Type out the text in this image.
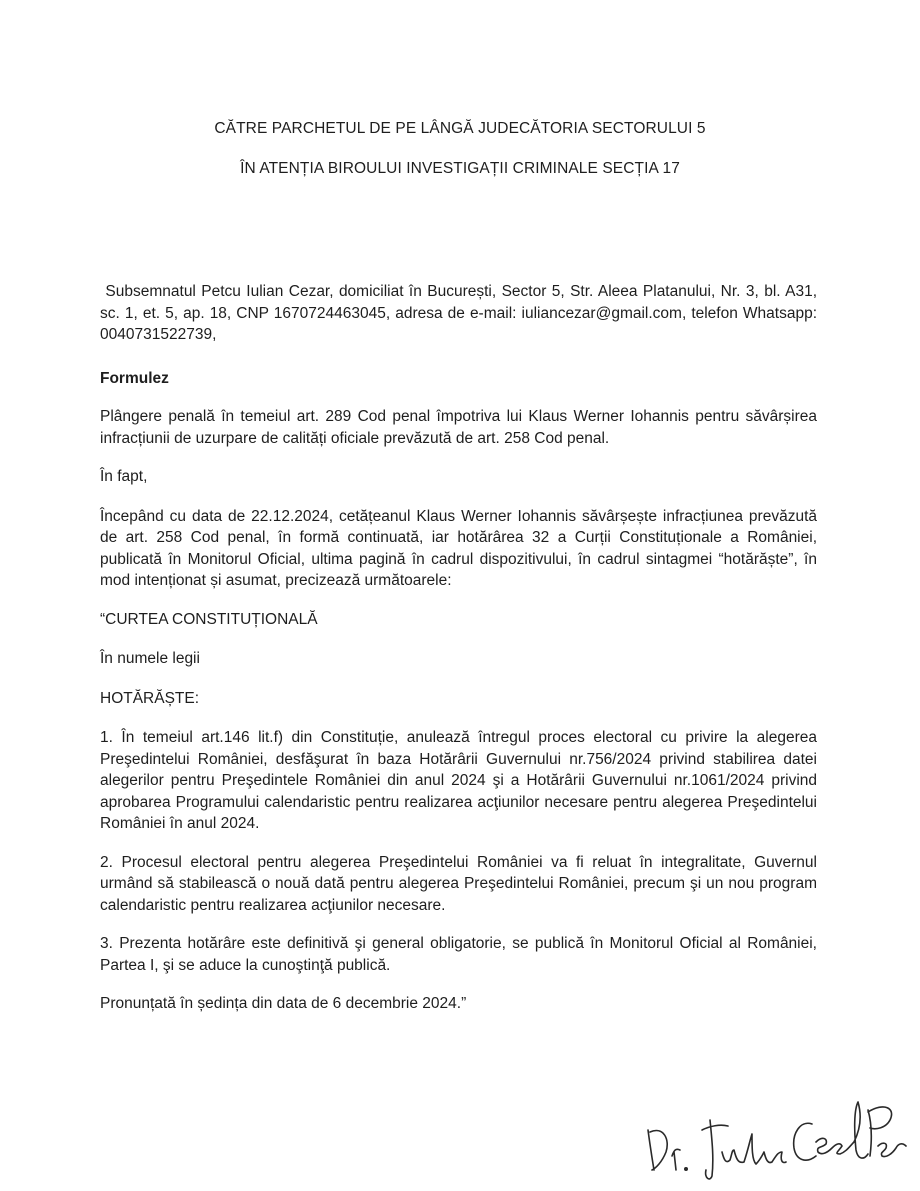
CĂTRE PARCHETUL DE PE LÂNGĂ JUDECĂTORIA SECTORULUI 5
ÎN ATENȚIA BIROULUI INVESTIGAȚII CRIMINALE SECȚIA 17

Subsemnatul Petcu Iulian Cezar, domiciliat în București, Sector 5, Str. Aleea Platanului, Nr. 3, bl. A31, sc. 1, et. 5, ap. 18, CNP 1670724463045, adresa de e-mail: iuliancezar@gmail.com, telefon Whatsapp: 0040731522739,

Formulez

Plângere penală în temeiul art. 289 Cod penal împotriva lui Klaus Werner Iohannis pentru săvârșirea infracțiunii de uzurpare de calități oficiale prevăzută de art. 258 Cod penal.

În fapt,

Începând cu data de 22.12.2024, cetățeanul Klaus Werner Iohannis săvârșește infracțiunea prevăzută de art. 258 Cod penal, în formă continuată, iar hotărârea 32 a Curții Constituționale a României, publicată în Monitorul Oficial, ultima pagină în cadrul dispozitivului, în cadrul sintagmei “hotărăște”, în mod intenționat și asumat, precizează următoarele:

“CURTEA CONSTITUȚIONALĂ

În numele legii

HOTĂRĂȘTE:

1. În temeiul art.146 lit.f) din Constituție, anulează întregul proces electoral cu privire la alegerea Preşedintelui României, desfăşurat în baza Hotărârii Guvernului nr.756/2024 privind stabilirea datei alegerilor pentru Preşedintele României din anul 2024 şi a Hotărârii Guvernului nr.1061/2024 privind aprobarea Programului calendaristic pentru realizarea acţiunilor necesare pentru alegerea Preşedintelui României în anul 2024.

2. Procesul electoral pentru alegerea Preşedintelui României va fi reluat în integralitate, Guvernul urmând să stabilească o nouă dată pentru alegerea Preşedintelui României, precum şi un nou program calendaristic pentru realizarea acţiunilor necesare.

3. Prezenta hotărâre este definitivă şi general obligatorie, se publică în Monitorul Oficial al României, Partea I, şi se aduce la cunoştinţă publică.

Pronunțată în ședința din data de 6 decembrie 2024.”
